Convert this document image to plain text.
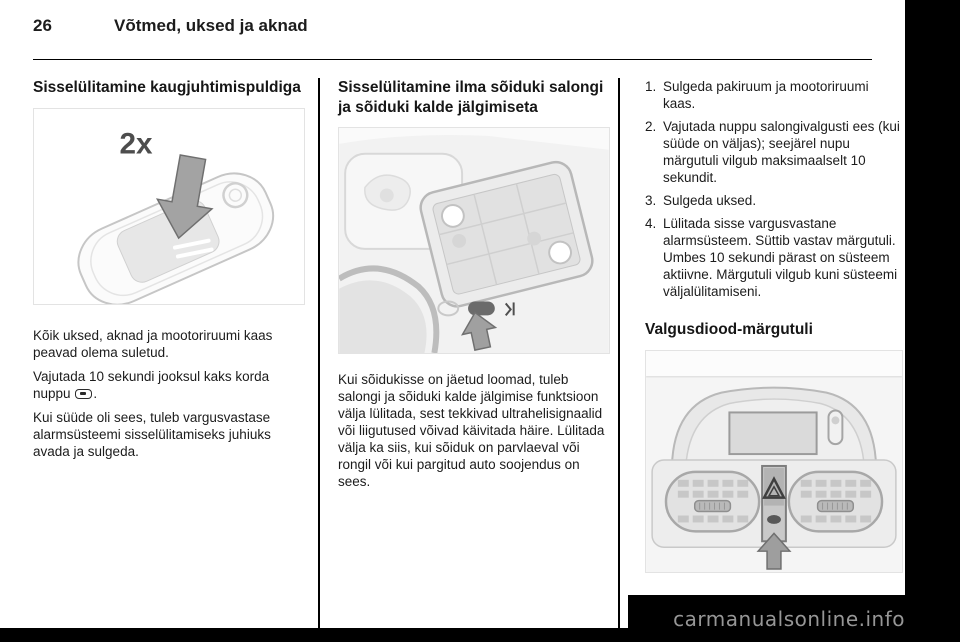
26	Võtmed, uksed ja aknad
Sisselülitamine kaugjuhtimispuldiga
2x

Kõik uksed, aknad ja mootoriruumi kaas peavad olema suletud.

Vajutada 10 sekundi jooksul kaks korda nuppu .

Kui süüde oli sees, tuleb vargusvastase alarmsüsteemi sisselülitamiseks juhiuks avada ja sulgeda.

Sisselülitamine ilma sõiduki salongi ja sõiduki kalde jälgimiseta

Kui sõidukisse on jäetud loomad, tuleb salongi ja sõiduki kalde jälgimise funktsioon välja lülitada, sest tekkivad ultrahelisignaalid või liigutused võivad käivitada häire. Lülitada välja ka siis, kui sõiduk on parvlaeval või rongil või kui pargitud auto soojendus on sees.

1. Sulgeda pakiruum ja mootoriruumi kaas.
2. Vajutada nuppu salongivalgusti ees (kui süüde on väljas); seejärel nupu märgutuli vilgub maksimaalselt 10 sekundit.
3. Sulgeda uksed.
4. Lülitada sisse vargusvastane alarmsüsteem. Süttib vastav märgutuli. Umbes 10 sekundi pärast on süsteem aktiivne. Märgutuli vilgub kuni süsteemi väljalülitamiseni.
Valgusdiood-märgutuli
carmanualsonline.info
